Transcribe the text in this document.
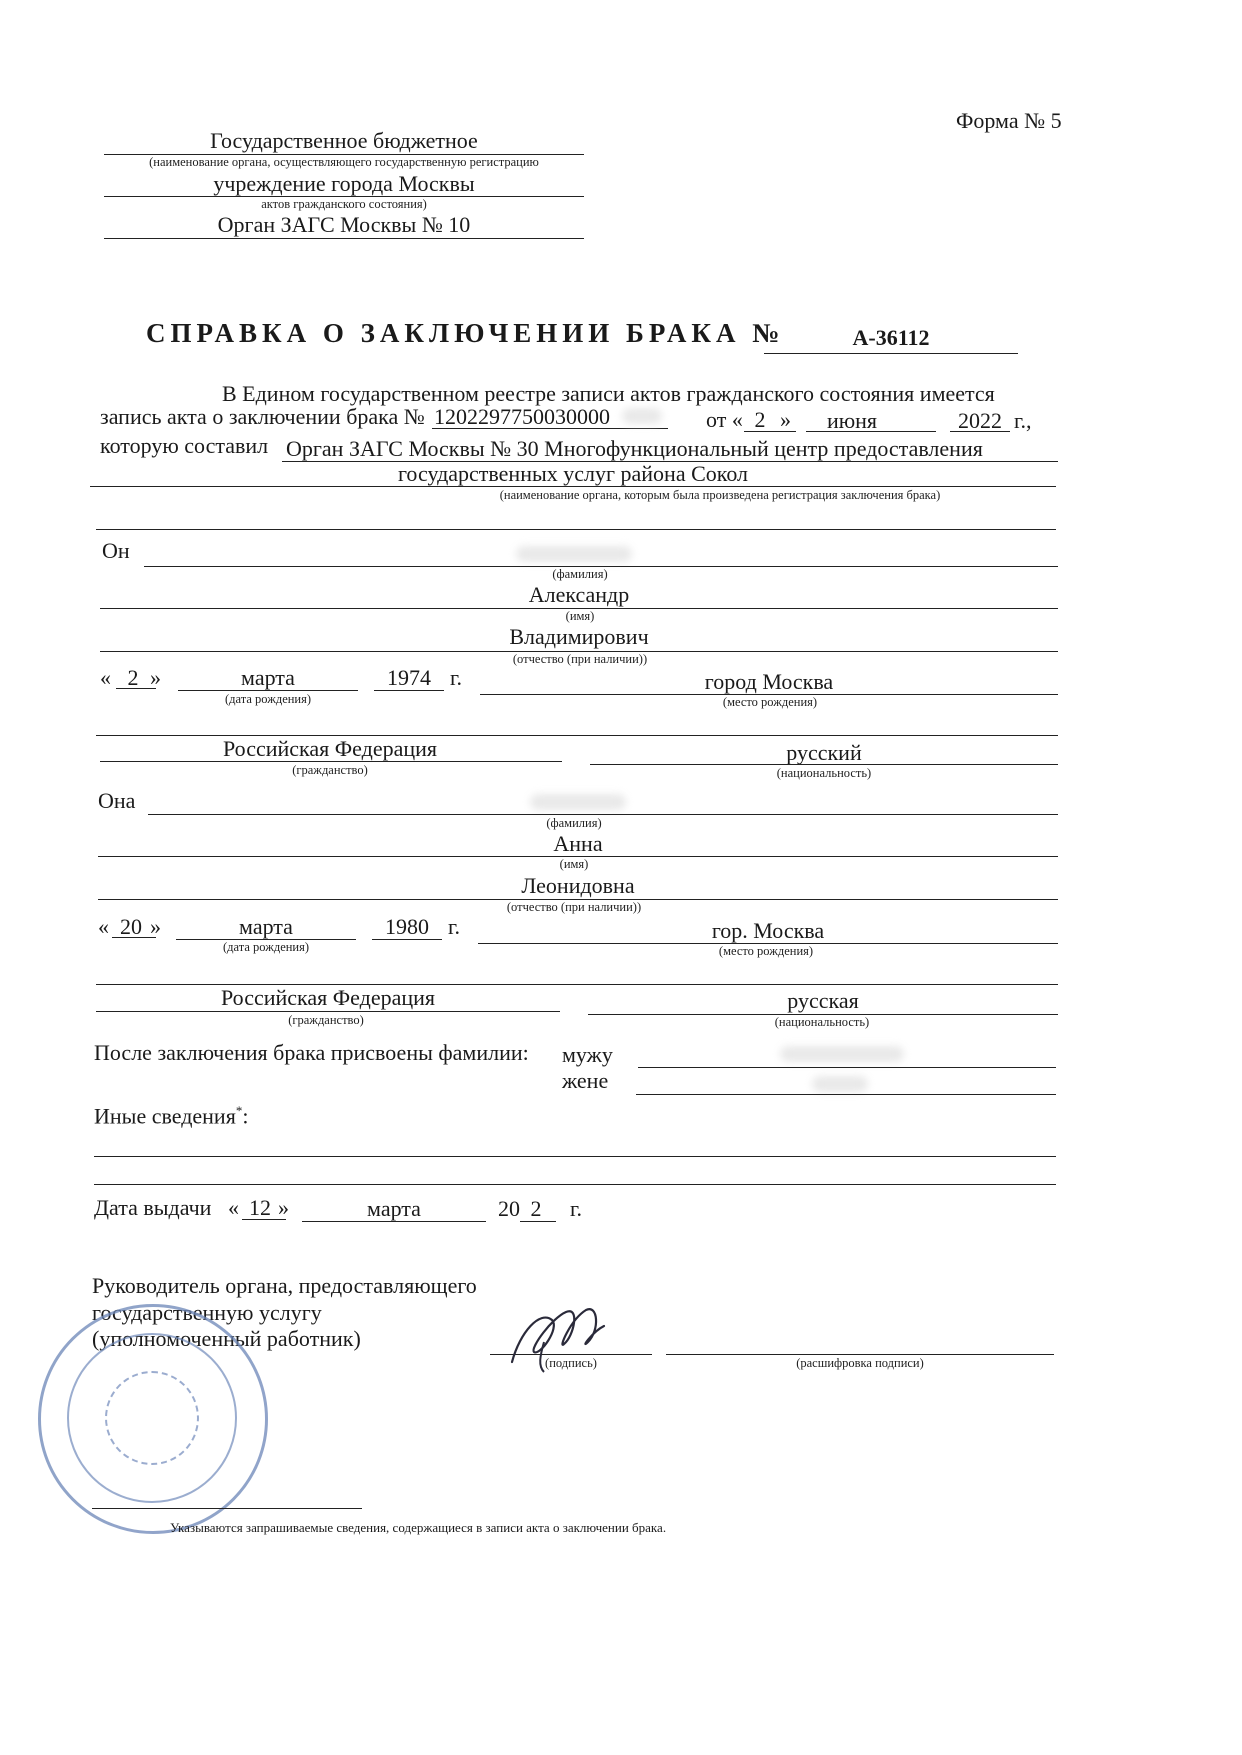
Форма № 5
Государственное бюджетное
(наименование органа, осуществляющего государственную регистрацию
учреждение города Москвы
актов гражданского состояния)
Орган ЗАГС Москвы № 10
СПРАВКА О ЗАКЛЮЧЕНИИ БРАКА №	А-36112
В Едином государственном реестре записи актов гражданского состояния имеется
запись акта о заключении брака № 1202297750030000	от « 2 »	июня	2022 г.,
которую составил Орган ЗАГС Москвы № 30 Многофункциональный центр предоставления
государственных услуг района Сокол
(наименование органа, которым была произведена регистрация заключения брака)
Он
(фамилия)
Александр
(имя)
Владимирович
(отчество (при наличии))
« 2 »	марта
(дата рождения)
1974 г.	город Москва
(место рождения)
Российская Федерация
(гражданство)
русский
(национальность)
Она
(фамилия)
Анна
(имя)
Леонидовна
(отчество (при наличии))
« 20 »	марта
(дата рождения)
1980 г.	гор. Москва
(место рождения)
Российская Федерация
(гражданство)
русская
(национальность)
После заключения брака присвоены фамилии: мужу
жене
Иные сведения*:
Дата выдачи « 12 »	марта	20 2	г.
Руководитель органа, предоставляющего
государственную услугу
(уполномоченный работник)
(подпись)	(расшифровка подписи)
Указываются запрашиваемые сведения, содержащиеся в записи акта о заключении брака.
